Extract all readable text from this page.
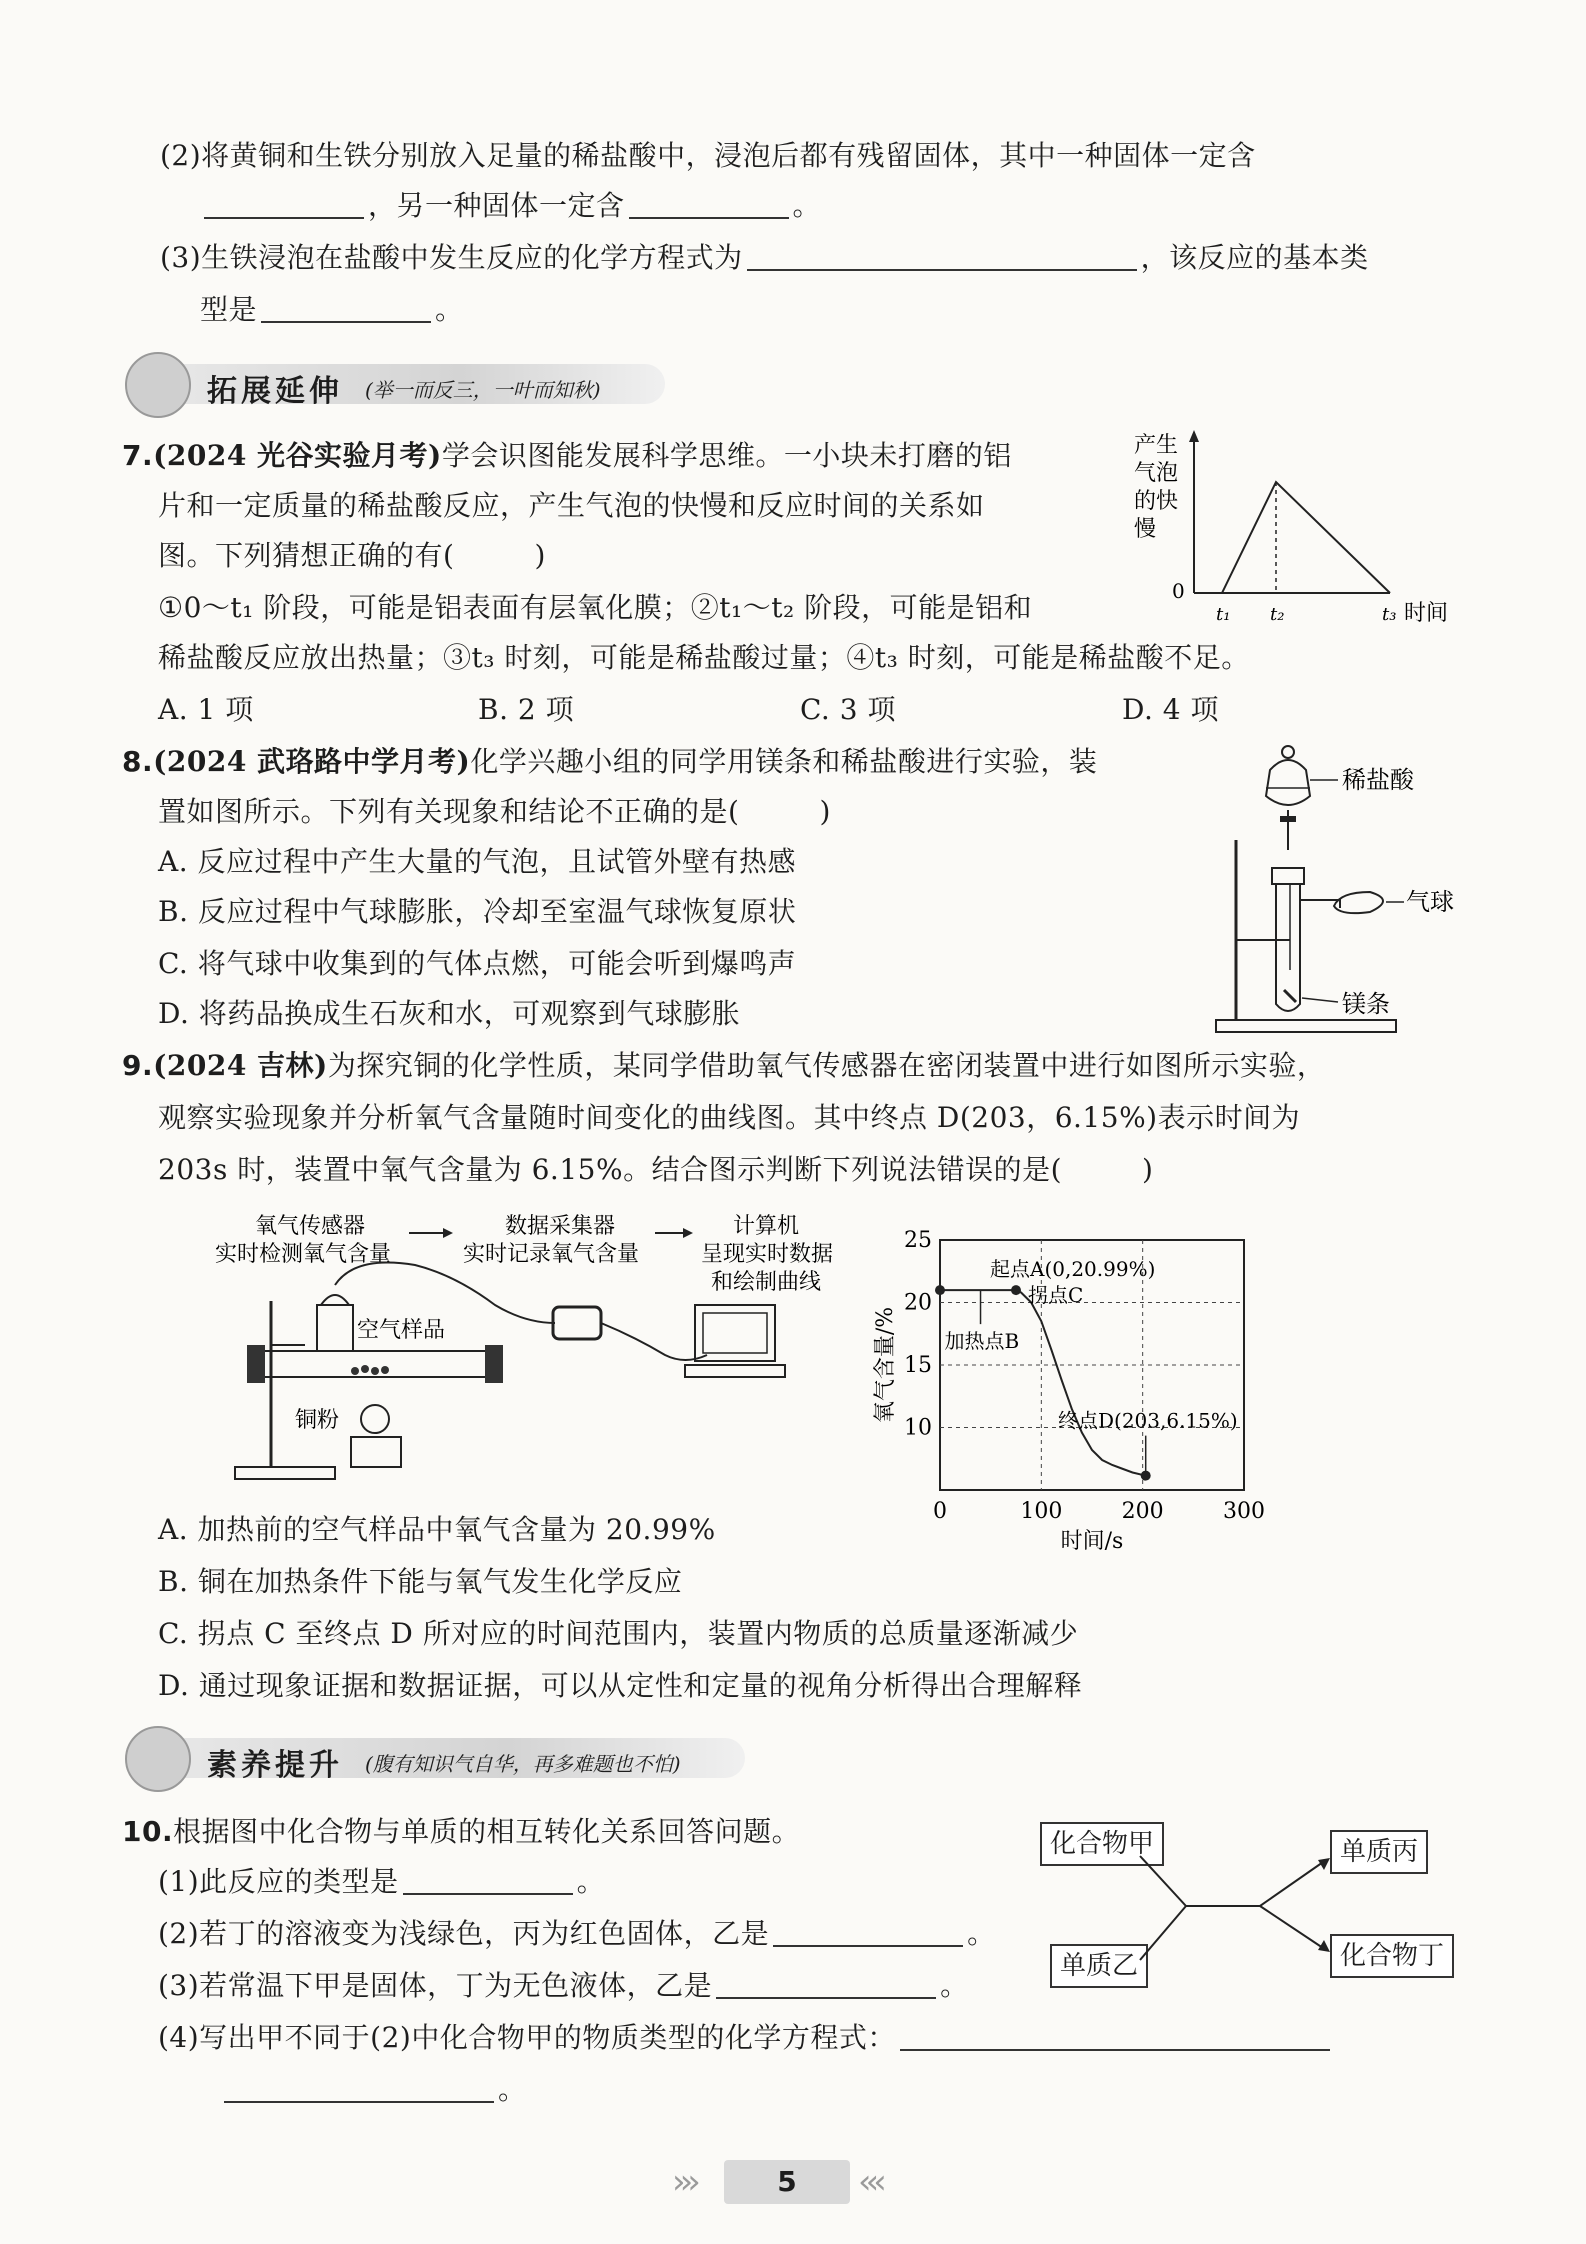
(2)将黄铜和生铁分别放入足量的稀盐酸中，浸泡后都有残留固体，其中一种固体一定含
，另一种固体一定含	。
(3)生铁浸泡在盐酸中发生反应的化学方程式为	，该反应的基本类
型是	。
拓展延伸 (举一而反三，一叶而知秋)
7.(2024 光谷实验月考)学会识图能发展科学思维。一小块未打磨的铝
片和一定质量的稀盐酸反应，产生气泡的快慢和反应时间的关系如
图。下列猜想正确的有(	)
①0～t₁ 阶段，可能是铝表面有层氧化膜；②t₁～t₂ 阶段，可能是铝和
稀盐酸反应放出热量；③t₃ 时刻，可能是稀盐酸过量；④t₃ 时刻，可能是稀盐酸不足。
A. 1 项	B. 2 项	C. 3 项	D. 4 项
产生
气泡
的快
慢
0
t₁ t₂	t₃ 时间
8.(2024 武珞路中学月考)化学兴趣小组的同学用镁条和稀盐酸进行实验，装
置如图所示。下列有关现象和结论不正确的是(	)
A. 反应过程中产生大量的气泡，且试管外壁有热感
B. 反应过程中气球膨胀，冷却至室温气球恢复原状
C. 将气球中收集到的气体点燃，可能会听到爆鸣声
D. 将药品换成生石灰和水，可观察到气球膨胀
稀盐酸
气球
镁条
9.(2024 吉林)为探究铜的化学性质，某同学借助氧气传感器在密闭装置中进行如图所示实验，
观察实验现象并分析氧气含量随时间变化的曲线图。其中终点 D(203，6.15%)表示时间为
203s 时，装置中氧气含量为 6.15%。结合图示判断下列说法错误的是(	)
氧气传感器
实时检测氧气含量
数据采集器
实时记录氧气含量
计算机
呈现实时数据
和绘制曲线
空气样品
铜粉
0	100	200	300
10
15
20
25
氧气含量/%
时间/s
起点A(0,20.99%)
加热点B
拐点C
终点D(203,6.15%)
A. 加热前的空气样品中氧气含量为 20.99%
B. 铜在加热条件下能与氧气发生化学反应
C. 拐点 C 至终点 D 所对应的时间范围内，装置内物质的总质量逐渐减少
D. 通过现象证据和数据证据，可以从定性和定量的视角分析得出合理解释
素养提升 (腹有知识气自华，再多难题也不怕)
10.根据图中化合物与单质的相互转化关系回答问题。
(1)此反应的类型是	。
(2)若丁的溶液变为浅绿色，丙为红色固体，乙是	。
(3)若常温下甲是固体，丁为无色液体，乙是	。
(4)写出甲不同于(2)中化合物甲的物质类型的化学方程式：
。
化合物甲
单质乙
单质丙
化合物丁
›››	5	‹‹‹
